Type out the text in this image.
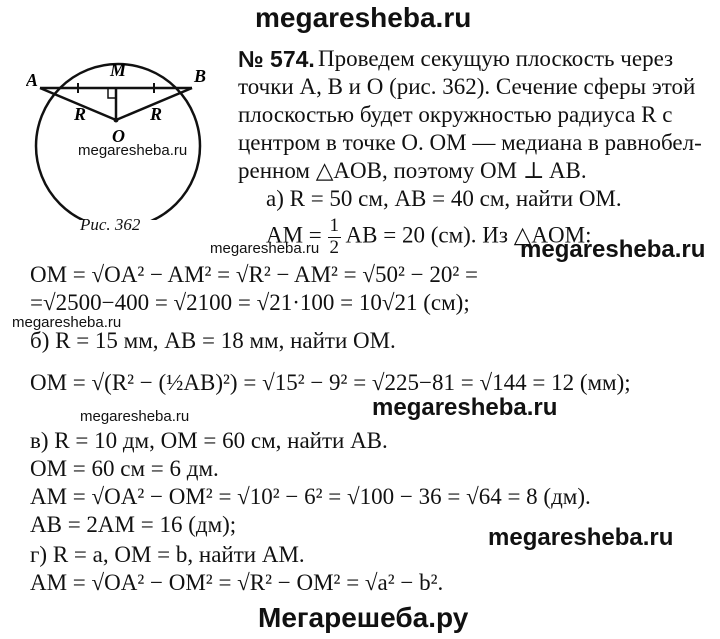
megaresheba.ru
A	B
M
O
R	R
megaresheba.ru
Рис. 362
№ 574. Проведем секущую плоскость через
точки A, B и O (рис. 362). Сечение сферы этой
плоскостью будет окружностью радиуса R с
центром в точке O. OM — медиана в равнобел-
ренном △AOB, поэтому OM ⊥ AB.
а) R = 50 см, AB = 40 см, найти OM.
AM = $\frac{1}{2}$ AB = 20 (см). Из △AOM:
megaresheba.ru	megaresheba.ru
OM = √OA² − AM² = √R² − AM² = √50² − 20² =
=√2500−400 = √2100 = √21·100 = 10√21 (см);
megaresheba.ru
б) R = 15 мм, AB = 18 мм, найти OM.
OM = √(R² − (½AB)²) = √15² − 9² = √225−81 = √144 = 12 (мм);
megaresheba.ru	megaresheba.ru
в) R = 10 дм, OM = 60 см, найти AB.
OM = 60 см = 6 дм.
AM = √OA² − OM² = √10² − 6² = √100 − 36 = √64 = 8 (дм).
AB = 2AM = 16 (дм);	megaresheba.ru
г) R = a, OM = b, найти AM.
AM = √OA² − OM² = √R² − OM² = √a² − b².
Мегарешеба.ру
